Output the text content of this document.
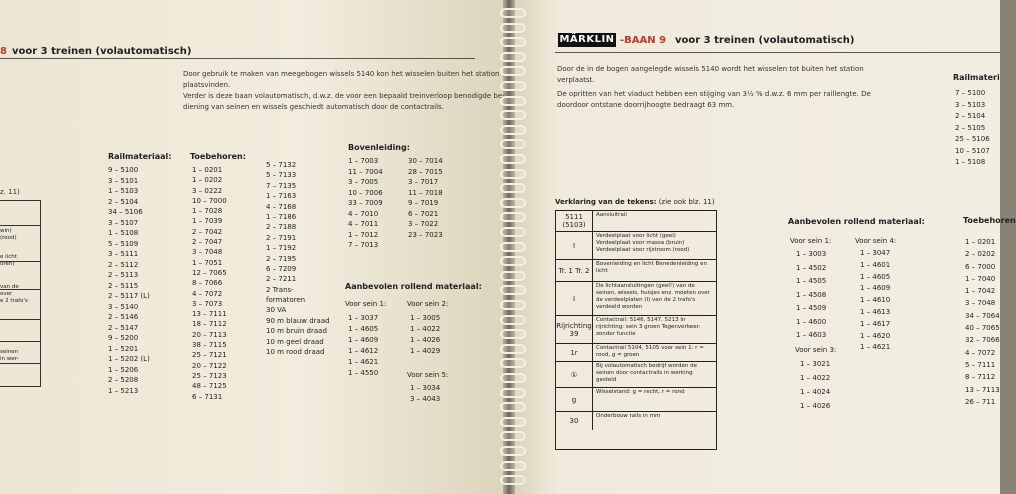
8 voor 3 treinen (volautomatisch)
Door gebruik te maken van meegebogen wissels 5140 kon het wisselen buiten het station
plaatsvinden.
Verder is deze baan volautomatisch, d.w.z. de voor een bepaald treinverloop benodigde be-
diening van seinen en wissels geschiedt automatisch door de contactrails.
z. 11)
win)
(rood)
e licht
oren)
van de
over
e 2 trafo's
seinen
in wer-
Railmateriaal:
9 – 5100
3 – 5101
1 – 5103
2 – 5104
34 – 5106
3 – 5107
1 – 5108
5 – 5109
3 – 5111
2 – 5112
2 – 5113
2 – 5115
2 – 5117 (L)
3 – 5140
2 – 5146
2 – 5147
9 – 5200
1 – 5201
1 – 5202 (L)
1 – 5206
2 – 5208
1 – 5213
Toebehoren:
1 – 0201
1 – 0202
3 – 0222
10 – 7000
1 – 7028
1 – 7039
2 – 7042
2 – 7047
3 – 7048
1 – 7051
12 – 7065
8 – 7066
4 – 7072
3 – 7073
13 – 7111
18 – 7112
20 – 7113
38 – 7115
25 – 7121
20 – 7122
25 – 7123
48 – 7125
6 – 7131
5 – 7132
5 – 7133
7 – 7135
1 – 7163
4 – 7168
1 – 7186
2 – 7188
2 – 7191
1 – 7192
2 – 7195
6 – 7209
2 – 7211
2 Trans-
formatoren
30 VA
90 m blauw draad
10 m bruin draad
10 m geel draad
10 m rood draad
Bovenleiding:
1 – 7003
11 – 7004
3 – 7005
10 – 7006
33 – 7009
4 – 7010
4 – 7011
1 – 7012
7 – 7013
30 – 7014
28 – 7015
3 – 7017
11 – 7018
9 – 7019
6 – 7021
3 – 7022
23 – 7023
Aanbevolen rollend materiaal:
Voor sein 1:
1 – 3037
1 – 4605
1 – 4609
1 – 4612
1 – 4621
1 – 4550
Voor sein 2:
1 – 3005
1 – 4022
1 – 4026
1 – 4029
Voor sein 5:
1 – 3034
3 – 4043
MÄRKLIN -BAAN 9 voor 3 treinen (volautomatisch)
Door de in de bogen aangelegde wissels 5140 wordt het wisselen tot buiten het station
verplaatst.
De opritten van het viaduct hebben een stijging van 3½ % d.w.z. 6 mm per raillengte. De
doordoor ontstane doorrijhoogte bedraagt 63 mm.
Verklaring van de tekens: (zie ook blz. 11)
5111 (5103)
Aansluitrail
I
Verdeelplaat voor licht (geel) Verdeelplaat voor massa (bruin) Verdeelplaat voor rijstroom (rood)
Tr. 1 Tr. 2
Bovenleiding en licht Benedenleiding en licht
I
De lichtaansluitingen (geel!) van de seinen, wissels, huisjes enz. moeten over de verdeelplaten (I) van de 2 trafo's verdeeld worden
Rijrichting 39
Contactrail: 5146, 5147, 5213 In rijrichting: sein 3 groen Tegenverkeer: zonder functie
1r
Contactrail 5104, 5105 voor sein 1: r = rood, g = groen
①
Bij volautomatisch bedrijf worden de seinen door contactrails in werking gesteld
g
Wisselstand: g = recht, r = rond
30
Onderbouw rails in mm
Aanbevolen rollend materiaal:
Voor sein 1:
1 – 3003
1 – 4502
1 – 4505
1 – 4508
1 – 4509
1 – 4600
1 – 4603
Voor sein 4:
1 – 3047
1 – 4601
1 – 4605
1 – 4609
1 – 4610
1 – 4613
1 – 4617
1 – 4620
1 – 4621
Voor sein 3:
1 – 3021
1 – 4022
1 – 4024
1 – 4026
Railmateri
7 – 5100
3 – 5103
2 – 5104
2 – 5105
25 – 5106
10 – 5107
1 – 5108
Toebehoren
1 – 0201
2 – 0202
6 – 7000
1 – 7040
1 – 7042
3 – 7048
34 – 7064
40 – 7065
32 – 7066
4 – 7072
5 – 7111
8 – 7112
13 – 7113
26 – 711
